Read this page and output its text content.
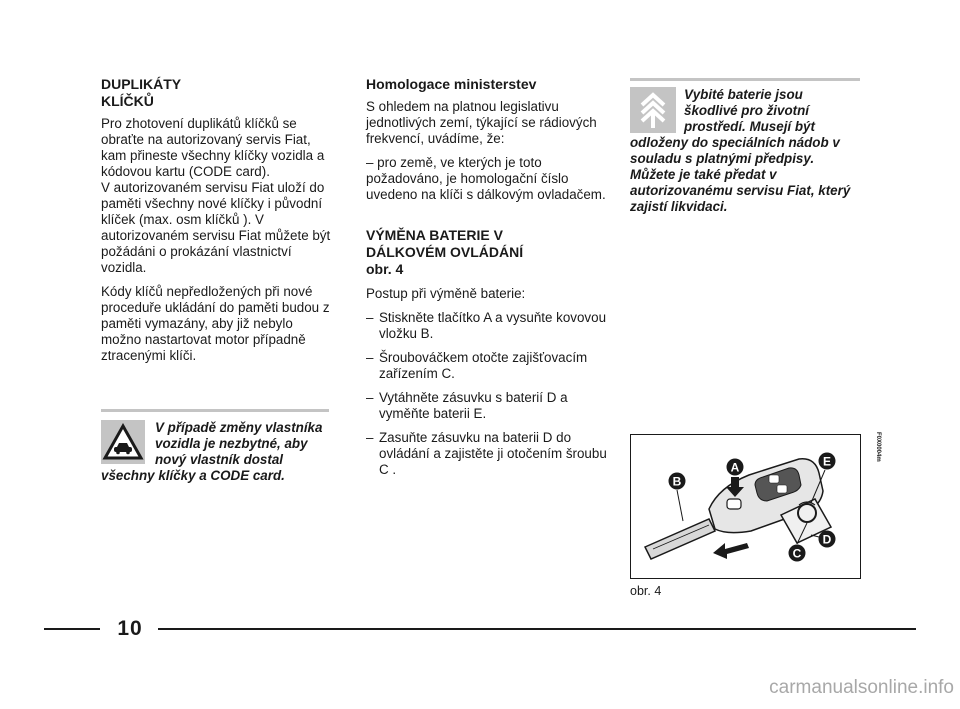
DUPLIKÁTY
KLÍČKŮ
Pro zhotovení duplikátů klíčků se obraťte na autorizovaný servis Fiat, kam přineste všechny klíčky vozidla a kódovou kartu (CODE card).
V autorizovaném servisu Fiat uloží do paměti všechny nové klíčky i původní klíček (max. osm klíčků ). V autorizovaném servisu Fiat můžete být požádáni o prokázání vlastnictví vozidla.
Kódy klíčů nepředložených při nové proceduře ukládání do paměti budou z paměti vymazány, aby již nebylo možno nastartovat motor případně ztracenými klíči.
V případě změny vlastníka vozidla je nezbytné, aby nový vlastník dostal všechny klíčky a CODE card.
Homologace ministerstev
S ohledem na platnou legislativu jednotlivých zemí, týkající se rádiových frekvencí, uvádíme, že:
– pro země, ve kterých je toto požadováno, je homologační číslo uvedeno na klíči s dálkovým ovladačem.
VÝMĚNA BATERIE V
DÁLKOVÉM OVLÁDÁNÍ
obr. 4
Postup při výměně baterie:
– Stiskněte tlačítko A a vysuňte kovovou vložku B.
– Šroubováčkem otočte zajišťovacím zařízením C.
– Vytáhněte zásuvku s baterií D a vyměňte baterii E.
– Zasuňte zásuvku na baterii D do ovládání a zajistěte ji otočením šroubu C .
Vybité baterie jsou škodlivé pro životní prostředí. Musejí být odloženy do speciálních nádob v souladu s platnými předpisy. Můžete je také předat v autorizovanému servisu Fiat, který zajistí likvidaci.
A
B
C
D
E	F0X0004m
obr. 4
10
carmanualsonline.info
